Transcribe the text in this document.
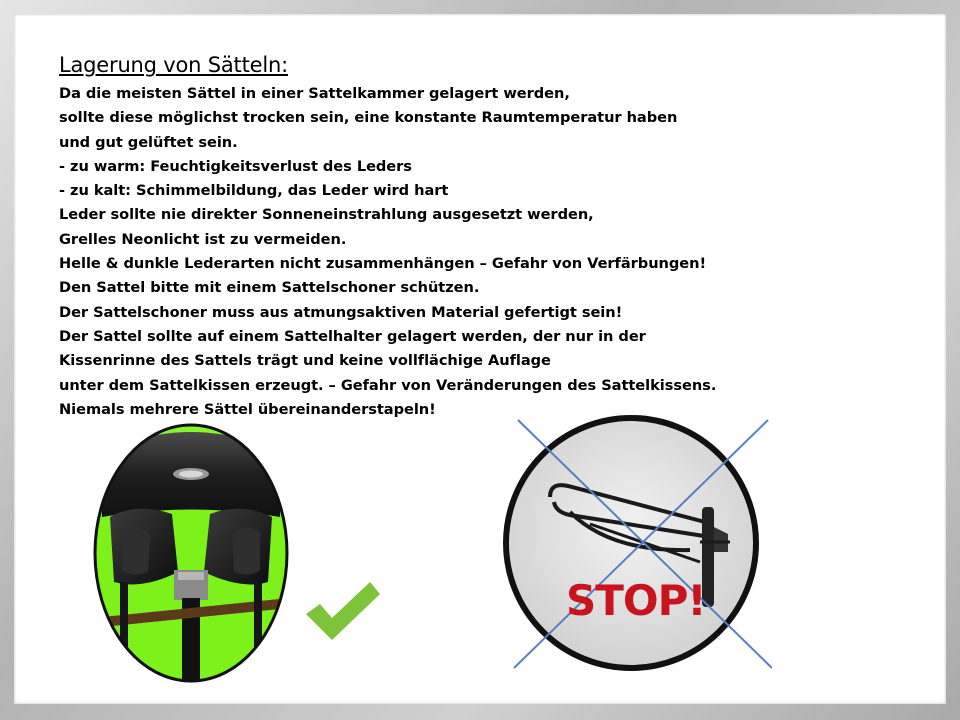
Lagerung von Sätteln:
Da die meisten Sättel in einer Sattelkammer gelagert werden,
sollte diese möglichst trocken sein, eine konstante Raumtemperatur haben
und gut gelüftet sein.
- zu warm: Feuchtigkeitsverlust des Leders
- zu kalt: Schimmelbildung, das Leder wird hart
Leder sollte nie direkter Sonneneinstrahlung ausgesetzt werden,
Grelles Neonlicht ist zu vermeiden.
Helle & dunkle Lederarten nicht zusammenhängen – Gefahr von Verfärbungen!
Den Sattel bitte mit einem Sattelschoner schützen.
Der Sattelschoner muss aus atmungsaktiven Material gefertigt sein!
Der Sattel sollte auf einem Sattelhalter gelagert werden, der nur in der
Kissenrinne des Sattels trägt und keine vollflächige Auflage
unter dem Sattelkissen erzeugt. – Gefahr von Veränderungen des Sattelkissens.
Niemals mehrere Sättel übereinanderstapeln!
STOP!
